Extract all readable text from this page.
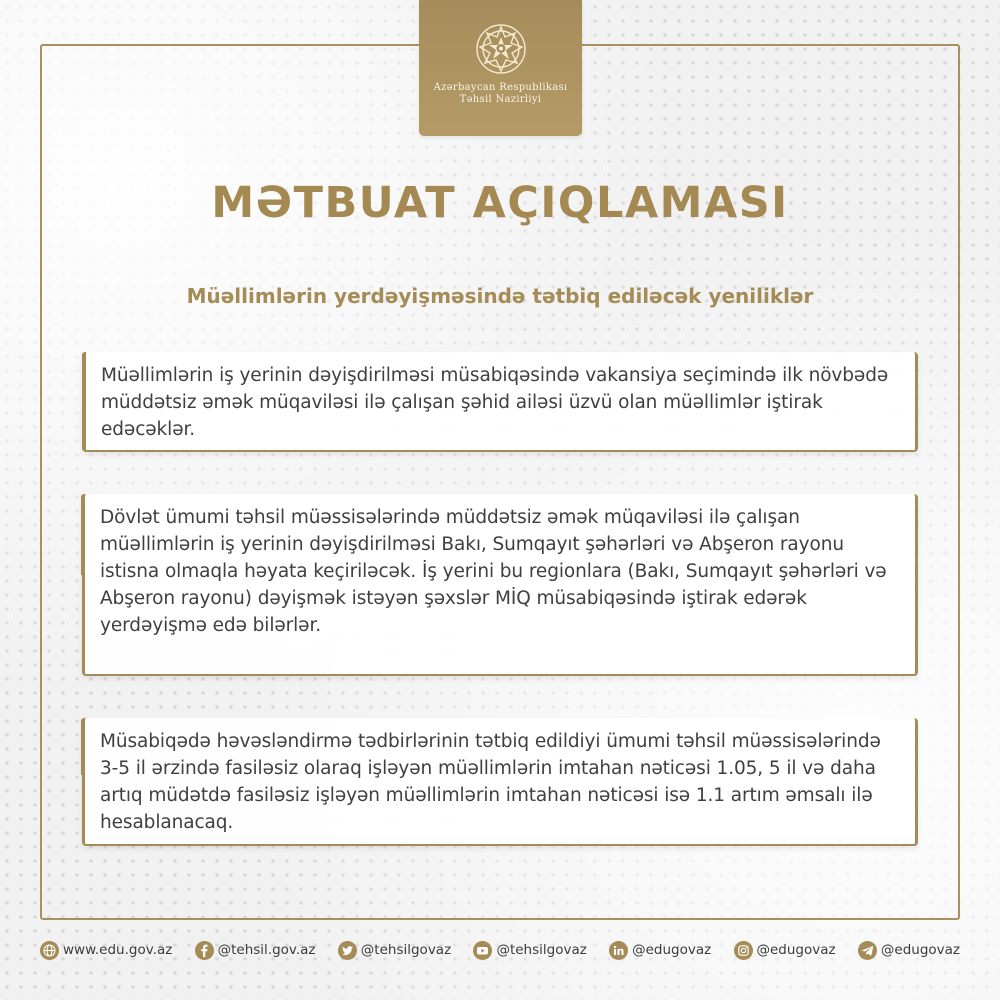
Azərbaycan Respublikası
Təhsil Nazirliyi
MƏTBUAT AÇIQLAMASI
Müəllimlərin yerdəyişməsində tətbiq ediləcək yeniliklər
Müəllimlərin iş yerinin dəyişdirilməsi müsabiqəsində vakansiya seçimində ilk növbədə müddətsiz əmək müqaviləsi ilə çalışan şəhid ailəsi üzvü olan müəllimlər iştirak edəcəklər.
Dövlət ümumi təhsil müəssisələrində müddətsiz əmək müqaviləsi ilə çalışan müəllimlərin iş yerinin dəyişdirilməsi Bakı, Sumqayıt şəhərləri və Abşeron rayonu istisna olmaqla həyata keçiriləcək. İş yerini bu regionlara (Bakı, Sumqayıt şəhərləri və Abşeron rayonu) dəyişmək istəyən şəxslər MİQ müsabiqəsində iştirak edərək yerdəyişmə edə bilərlər.
Müsabiqədə həvəsləndirmə tədbirlərinin tətbiq edildiyi ümumi təhsil müəssisələrində 3-5 il ərzində fasiləsiz olaraq işləyən müəllimlərin imtahan nəticəsi 1.05, 5 il və daha artıq müdətdə fasiləsiz işləyən müəllimlərin imtahan nəticəsi isə 1.1 artım əmsalı ilə hesablanacaq.
www.edu.gov.az	@tehsil.gov.az	@tehsilgovaz	@tehsilgovaz	@edugovaz	@edugovaz	@edugovaz
